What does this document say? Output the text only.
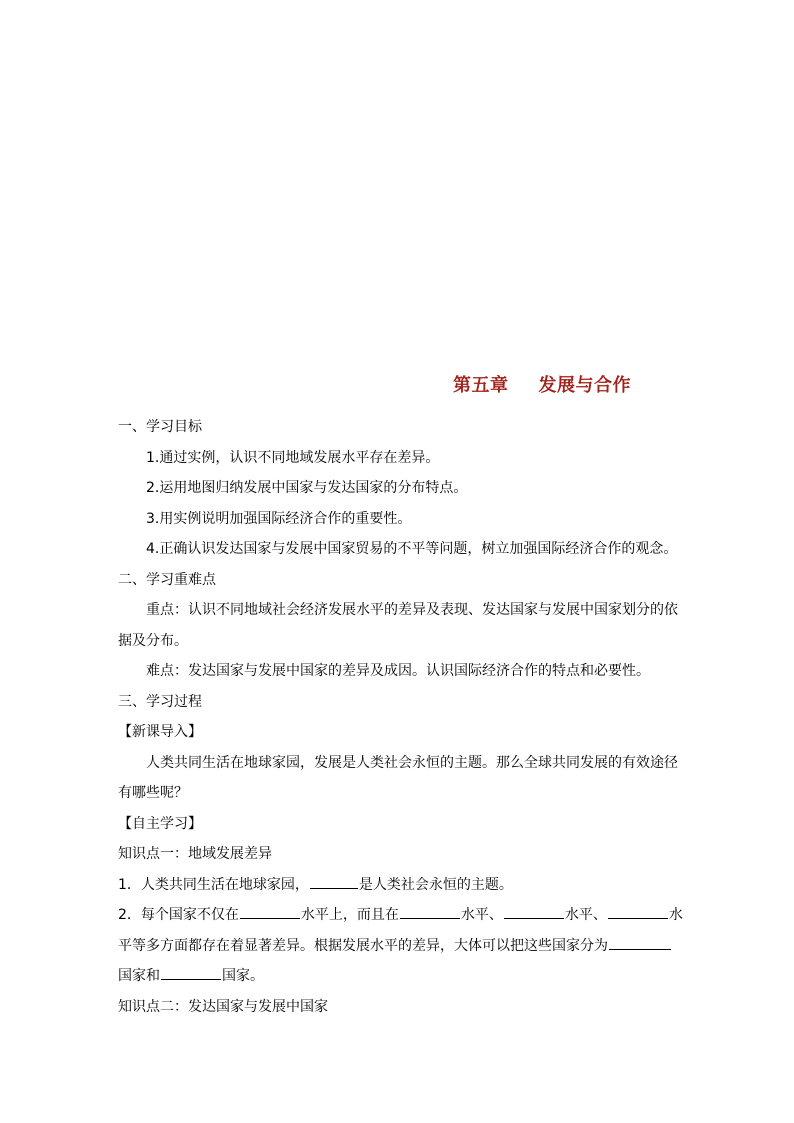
第五章 发展与合作
一、学习目标
1.通过实例，认识不同地域发展水平存在差异。
2.运用地图归纳发展中国家与发达国家的分布特点。
3.用实例说明加强国际经济合作的重要性。
4.正确认识发达国家与发展中国家贸易的不平等问题，树立加强国际经济合作的观念。
二、学习重难点
重点：认识不同地域社会经济发展水平的差异及表现、发达国家与发展中国家划分的依据及分布。
难点：发达国家与发展中国家的差异及成因。认识国际经济合作的特点和必要性。
三、学习过程
【新课导入】
人类共同生活在地球家园，发展是人类社会永恒的主题。那么全球共同发展的有效途径有哪些呢？
【自主学习】
知识点一：地域发展差异
1．人类共同生活在地球家园，	是人类社会永恒的主题。
2．每个国家不仅在	水平上，而且在	水平、	水平、	水
平等多方面都存在着显著差异。根据发展水平的差异，大体可以把这些国家分为
国家和	国家。
知识点二：发达国家与发展中国家
